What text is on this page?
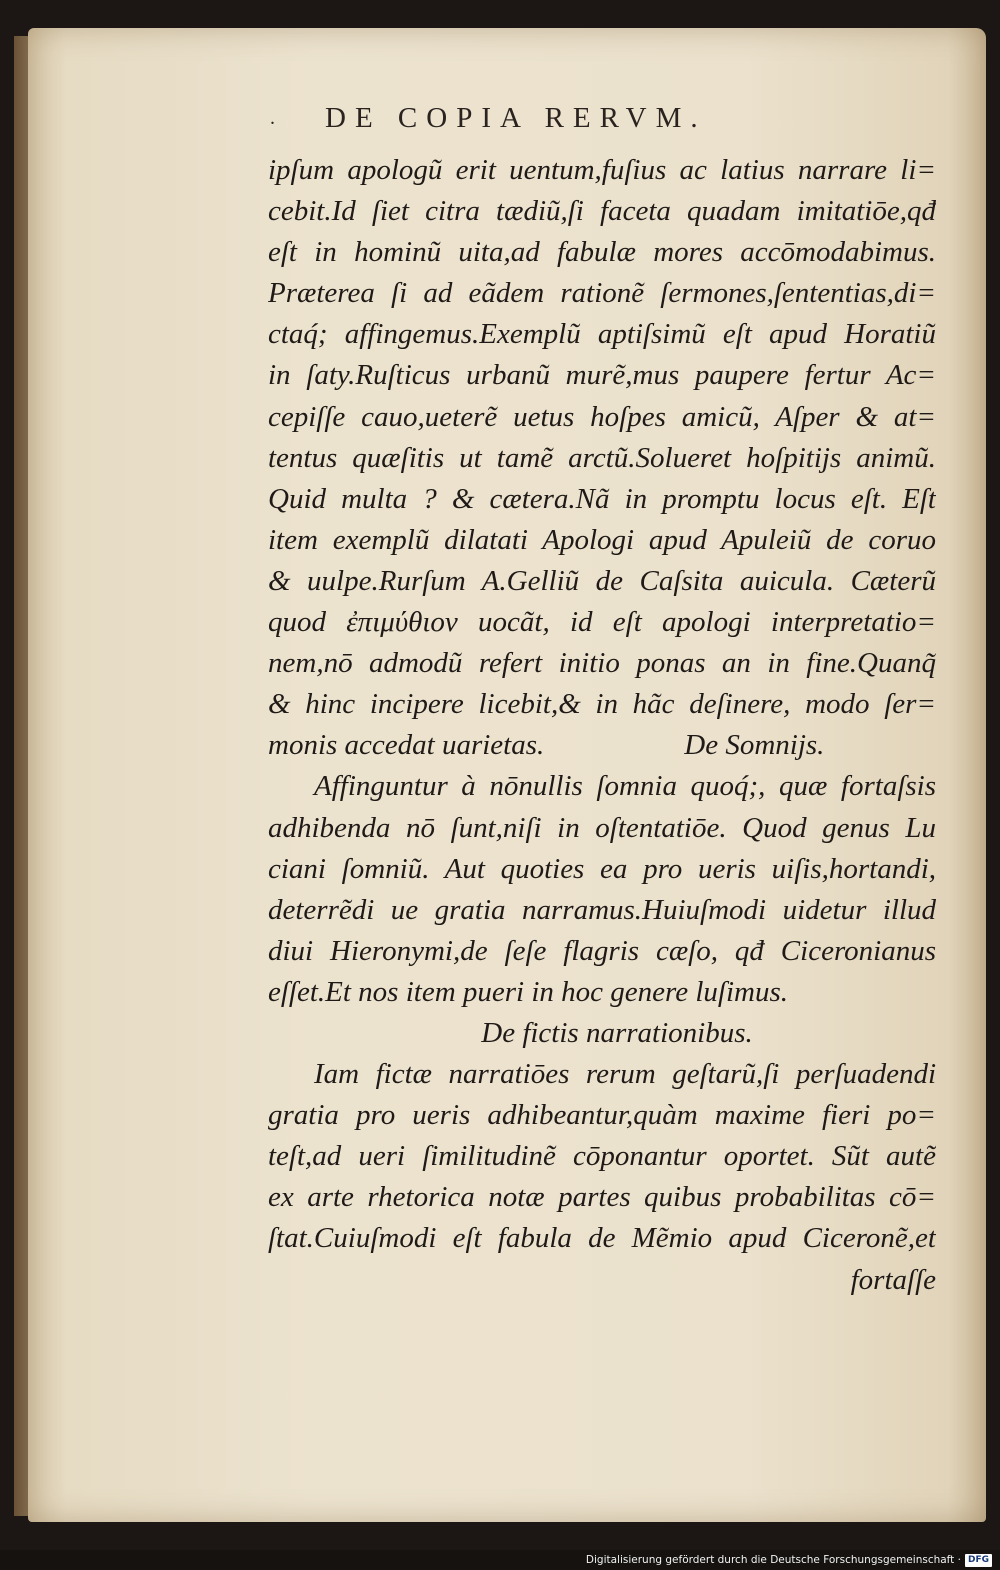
. DE COPIA RERVM.
ipſum apologũ erit uentum,fuſius ac latius narrare li=
cebit.Id ſiet citra tædiũ,ſi faceta quadam imitatiōe,qđ
eſt in hominũ uita,ad fabulæ mores accōmodabimus.
Præterea ſi ad eãdem rationẽ ſermones,ſententias,di=
ctaq́; affingemus.Exemplũ aptiſsimũ eſt apud Horatiũ
in ſaty.Ruſticus urbanũ murẽ,mus paupere fertur Ac=
cepiſſe cauo,ueterẽ uetus hoſpes amicũ, Aſper & at=
tentus quæſitis ut tamẽ arctũ.Solueret hoſpitijs animũ.
Quid multa ? & cætera.Nã in promptu locus eſt. Eſt
item exemplũ dilatati Apologi apud Apuleiũ de coruo
& uulpe.Rurſum A.Gelliũ de Caſsita auicula. Cæterũ
quod ἐπιμύθιον uocãt, id eſt apologi interpretatio=
nem,nō admodũ refert initio ponas an in fine.Quanq̃
& hinc incipere licebit,& in hãc deſinere, modo ſer=
monis accedat uarietas.	De Somnijs.
Affinguntur à nōnullis ſomnia quoq́;, quæ fortaſsis
adhibenda nō ſunt,niſi in oſtentatiōe. Quod genus Lu
ciani ſomniũ. Aut quoties ea pro ueris uiſis,hortandi,
deterrẽdi ue gratia narramus.Huiuſmodi uidetur illud
diui Hieronymi,de ſeſe flagris cæſo, qđ Ciceronianus
eſſet.Et nos item pueri in hoc genere luſimus.
De fictis narrationibus.
Iam fictæ narratiōes rerum geſtarũ,ſi perſuadendi
gratia pro ueris adhibeantur,quàm maxime fieri po=
teſt,ad ueri ſimilitudinẽ cōponantur oportet. Sũt autẽ
ex arte rhetorica notæ partes quibus probabilitas cō=
ſtat.Cuiuſmodi eſt fabula de Mẽmio apud Ciceronẽ,et
fortaſſe
Digitalisierung gefördert durch die Deutsche Forschungsgemeinschaft · DFG
